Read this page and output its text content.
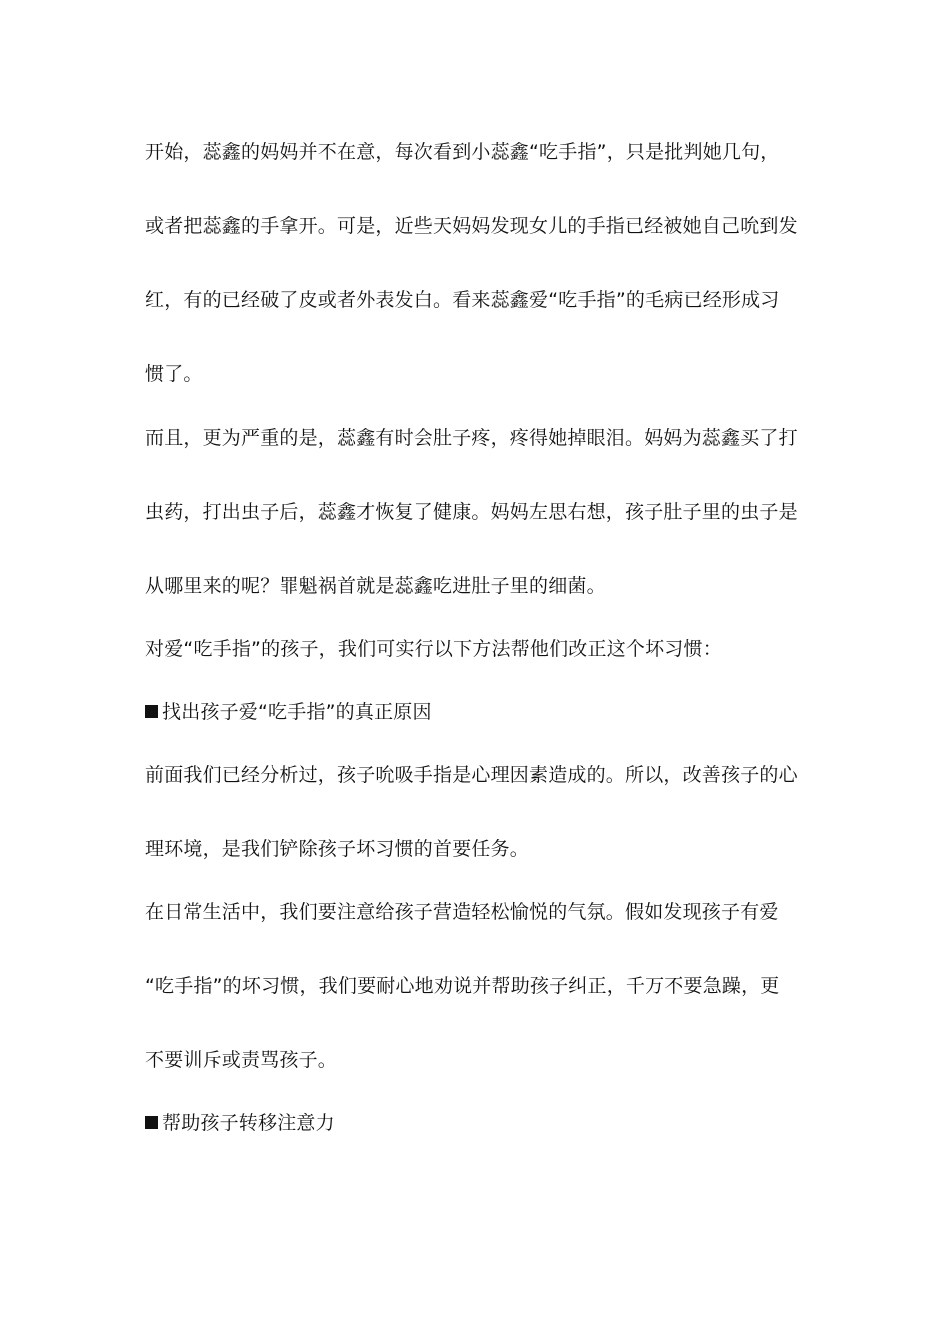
开始，蕊鑫的妈妈并不在意，每次看到小蕊鑫“吃手指”，只是批判她几句，
或者把蕊鑫的手拿开。可是，近些天妈妈发现女儿的手指已经被她自己吮到发
红，有的已经破了皮或者外表发白。看来蕊鑫爱“吃手指”的毛病已经形成习
惯了。
而且，更为严重的是，蕊鑫有时会肚子疼，疼得她掉眼泪。妈妈为蕊鑫买了打
虫药，打出虫子后，蕊鑫才恢复了健康。妈妈左思右想，孩子肚子里的虫子是
从哪里来的呢？罪魁祸首就是蕊鑫吃进肚子里的细菌。
对爱“吃手指”的孩子，我们可实行以下方法帮他们改正这个坏习惯：
找出孩子爱“吃手指”的真正原因
前面我们已经分析过，孩子吮吸手指是心理因素造成的。所以，改善孩子的心
理环境，是我们铲除孩子坏习惯的首要任务。
在日常生活中，我们要注意给孩子营造轻松愉悦的气氛。假如发现孩子有爱
“吃手指”的坏习惯，我们要耐心地劝说并帮助孩子纠正，千万不要急躁，更
不要训斥或责骂孩子。
帮助孩子转移注意力
